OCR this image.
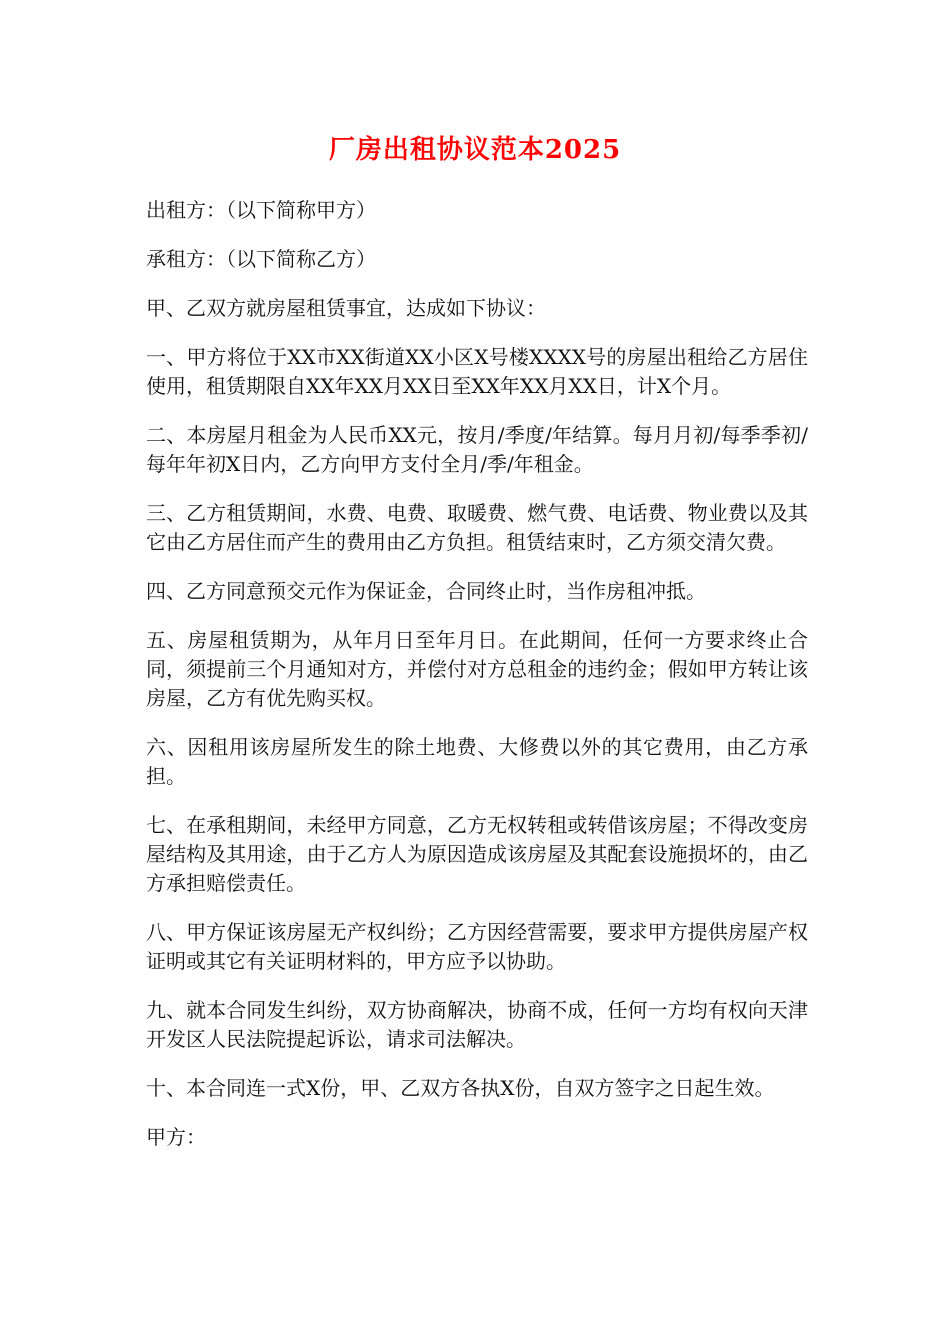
厂房出租协议范本2025

出租方：（以下简称甲方）

承租方：（以下简称乙方）

甲、乙双方就房屋租赁事宜，达成如下协议：

一、甲方将位于XX市XX街道XX小区X号楼XXXX号的房屋出租给乙方居住使用，租赁期限自XX年XX月XX日至XX年XX月XX日，计X个月。

二、本房屋月租金为人民币XX元，按月/季度/年结算。每月月初/每季季初/每年年初X日内，乙方向甲方支付全月/季/年租金。

三、乙方租赁期间，水费、电费、取暖费、燃气费、电话费、物业费以及其它由乙方居住而产生的费用由乙方负担。租赁结束时，乙方须交清欠费。

四、乙方同意预交元作为保证金，合同终止时，当作房租冲抵。

五、房屋租赁期为，从年月日至年月日。在此期间，任何一方要求终止合同，须提前三个月通知对方，并偿付对方总租金的违约金；假如甲方转让该房屋，乙方有优先购买权。

六、因租用该房屋所发生的除土地费、大修费以外的其它费用，由乙方承担。

七、在承租期间，未经甲方同意，乙方无权转租或转借该房屋；不得改变房屋结构及其用途，由于乙方人为原因造成该房屋及其配套设施损坏的，由乙方承担赔偿责任。

八、甲方保证该房屋无产权纠纷；乙方因经营需要，要求甲方提供房屋产权证明或其它有关证明材料的，甲方应予以协助。

九、就本合同发生纠纷，双方协商解决，协商不成，任何一方均有权向天津开发区人民法院提起诉讼，请求司法解决。

十、本合同连一式X份，甲、乙双方各执X份，自双方签字之日起生效。

甲方：
